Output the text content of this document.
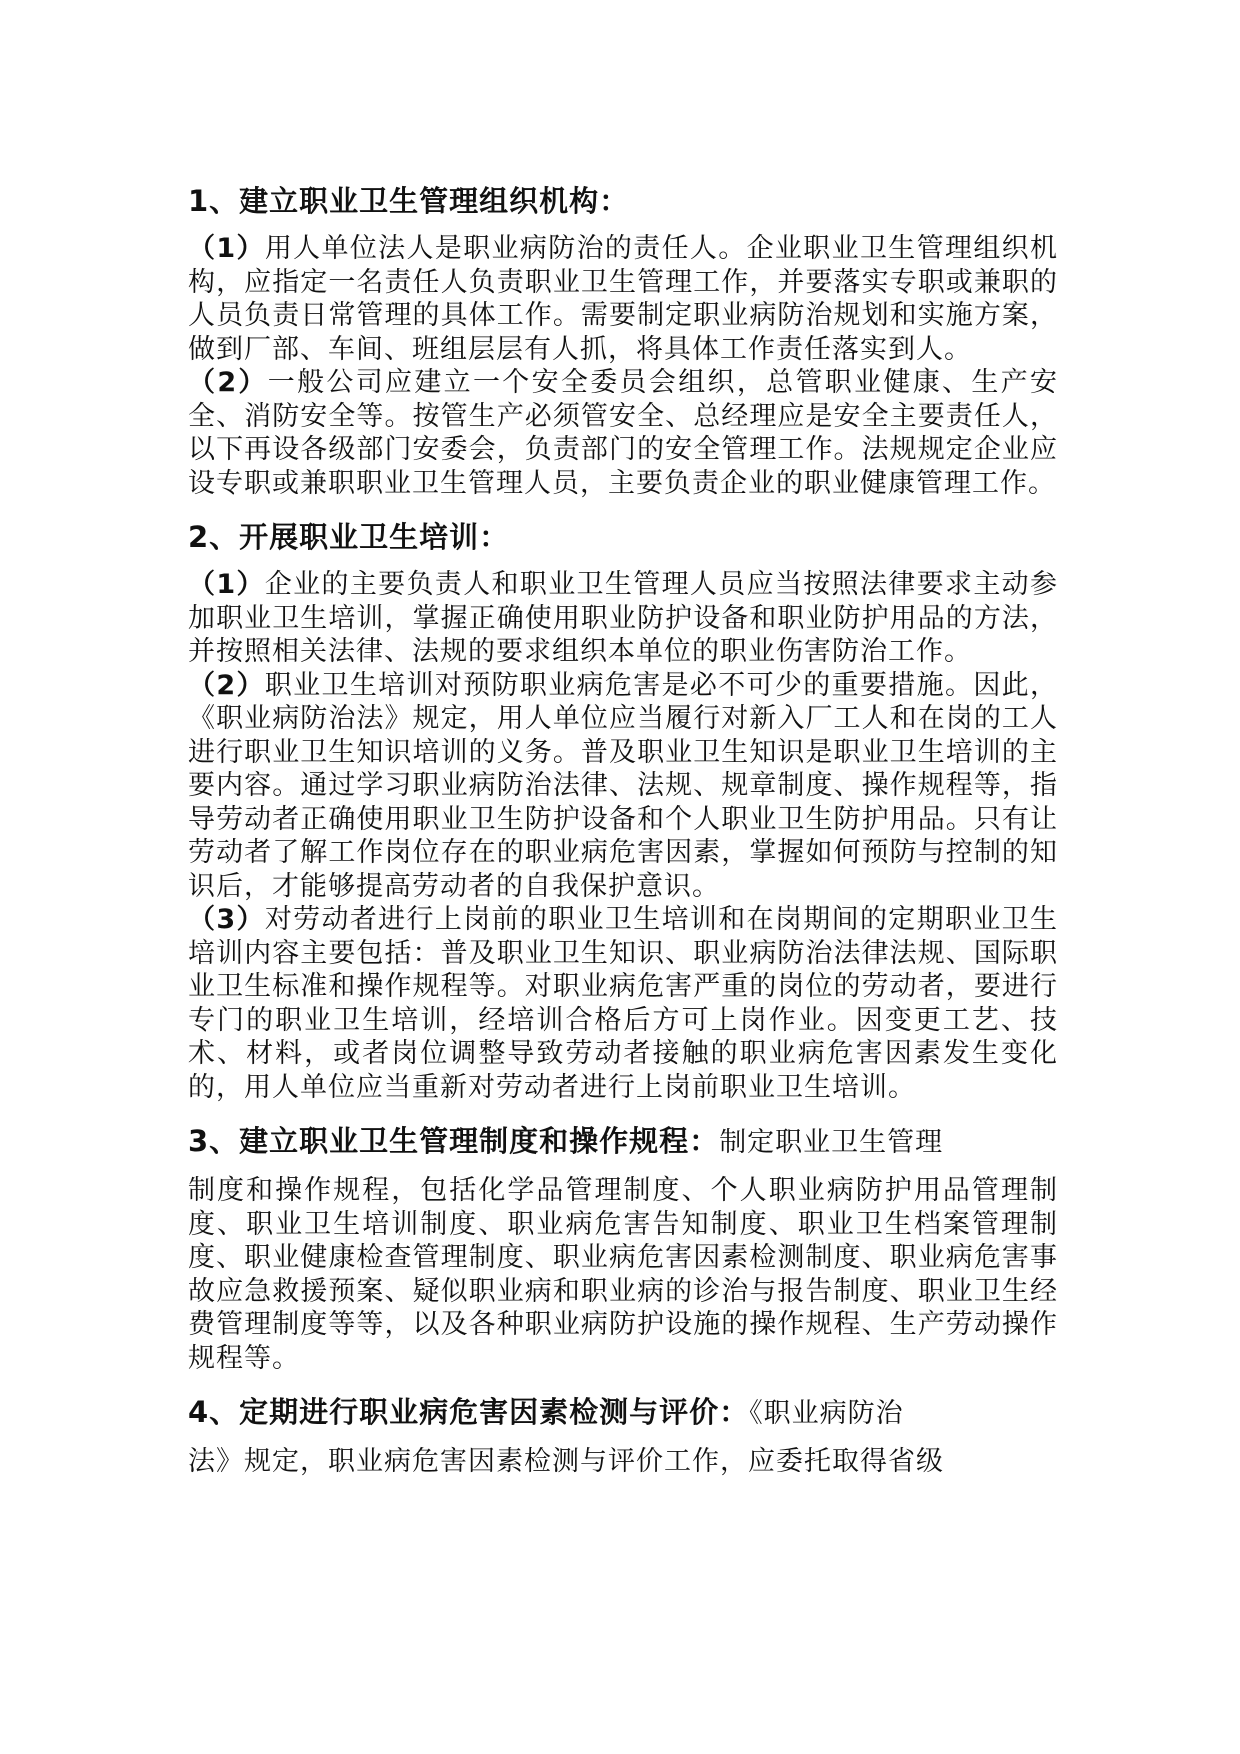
1、建立职业卫生管理组织机构：

（1）用人单位法人是职业病防治的责任人。企业职业卫生管理组织机构，应指定一名责任人负责职业卫生管理工作，并要落实专职或兼职的人员负责日常管理的具体工作。需要制定职业病防治规划和实施方案，做到厂部、车间、班组层层有人抓，将具体工作责任落实到人。

（2）一般公司应建立一个安全委员会组织，总管职业健康、生产安全、消防安全等。按管生产必须管安全、总经理应是安全主要责任人，以下再设各级部门安委会，负责部门的安全管理工作。法规规定企业应设专职或兼职职业卫生管理人员，主要负责企业的职业健康管理工作。

2、开展职业卫生培训：

（1）企业的主要负责人和职业卫生管理人员应当按照法律要求主动参加职业卫生培训，掌握正确使用职业防护设备和职业防护用品的方法，并按照相关法律、法规的要求组织本单位的职业伤害防治工作。

（2）职业卫生培训对预防职业病危害是必不可少的重要措施。因此，《职业病防治法》规定，用人单位应当履行对新入厂工人和在岗的工人进行职业卫生知识培训的义务。普及职业卫生知识是职业卫生培训的主要内容。通过学习职业病防治法律、法规、规章制度、操作规程等，指导劳动者正确使用职业卫生防护设备和个人职业卫生防护用品。只有让劳动者了解工作岗位存在的职业病危害因素，掌握如何预防与控制的知识后，才能够提高劳动者的自我保护意识。

（3）对劳动者进行上岗前的职业卫生培训和在岗期间的定期职业卫生培训内容主要包括：普及职业卫生知识、职业病防治法律法规、国际职业卫生标准和操作规程等。对职业病危害严重的岗位的劳动者，要进行专门的职业卫生培训，经培训合格后方可上岗作业。因变更工艺、技术、材料，或者岗位调整导致劳动者接触的职业病危害因素发生变化的，用人单位应当重新对劳动者进行上岗前职业卫生培训。

3、建立职业卫生管理制度和操作规程：制定职业卫生管理

制度和操作规程，包括化学品管理制度、个人职业病防护用品管理制度、职业卫生培训制度、职业病危害告知制度、职业卫生档案管理制度、职业健康检查管理制度、职业病危害因素检测制度、职业病危害事故应急救援预案、疑似职业病和职业病的诊治与报告制度、职业卫生经费管理制度等等，以及各种职业病防护设施的操作规程、生产劳动操作规程等。

4、定期进行职业病危害因素检测与评价：《职业病防治

法》规定，职业病危害因素检测与评价工作，应委托取得省级
